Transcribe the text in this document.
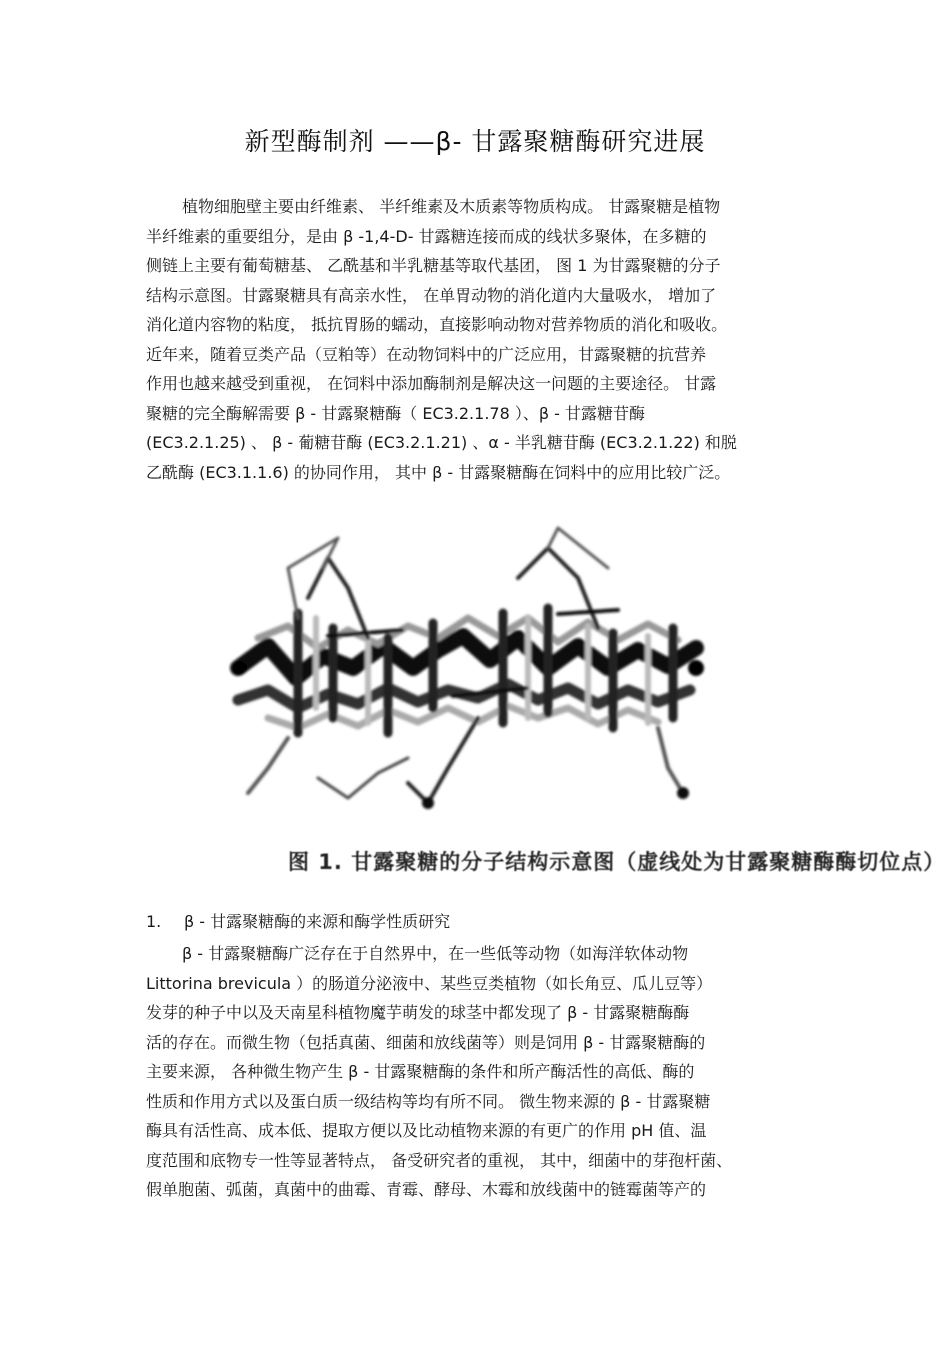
新型酶制剂 ——β- 甘露聚糖酶研究进展
植物细胞壁主要由纤维素、 半纤维素及木质素等物质构成。 甘露聚糖是植物
半纤维素的重要组分，是由 β -1,4-D- 甘露糖连接而成的线状多聚体，在多糖的
侧链上主要有葡萄糖基、 乙酰基和半乳糖基等取代基团， 图 1 为甘露聚糖的分子
结构示意图。甘露聚糖具有高亲水性， 在单胃动物的消化道内大量吸水， 增加了
消化道内容物的粘度， 抵抗胃肠的蠕动，直接影响动物对营养物质的消化和吸收。
近年来，随着豆类产品（豆粕等）在动物饲料中的广泛应用，甘露聚糖的抗营养
作用也越来越受到重视， 在饲料中添加酶制剂是解决这一问题的主要途径。 甘露
聚糖的完全酶解需要 β - 甘露聚糖酶（ EC3.2.1.78 ）、β - 甘露糖苷酶
(EC3.2.1.25) 、 β - 葡糖苷酶 (EC3.2.1.21) 、α - 半乳糖苷酶 (EC3.2.1.22) 和脱
乙酰酶 (EC3.1.1.6) 的协同作用， 其中 β - 甘露聚糖酶在饲料中的应用比较广泛。
图 1. 甘露聚糖的分子结构示意图（虚线处为甘露聚糖酶酶切位点）
1. β - 甘露聚糖酶的来源和酶学性质研究
β - 甘露聚糖酶广泛存在于自然界中，在一些低等动物（如海洋软体动物
Littorina brevicula ）的肠道分泌液中、某些豆类植物（如长角豆、瓜儿豆等）
发芽的种子中以及天南星科植物魔芋萌发的球茎中都发现了 β - 甘露聚糖酶酶
活的存在。而微生物（包括真菌、细菌和放线菌等）则是饲用 β - 甘露聚糖酶的
主要来源， 各种微生物产生 β - 甘露聚糖酶的条件和所产酶活性的高低、酶的
性质和作用方式以及蛋白质一级结构等均有所不同。 微生物来源的 β - 甘露聚糖
酶具有活性高、成本低、提取方便以及比动植物来源的有更广的作用 pH 值、温
度范围和底物专一性等显著特点， 备受研究者的重视， 其中，细菌中的芽孢杆菌、
假单胞菌、弧菌，真菌中的曲霉、青霉、酵母、木霉和放线菌中的链霉菌等产的
